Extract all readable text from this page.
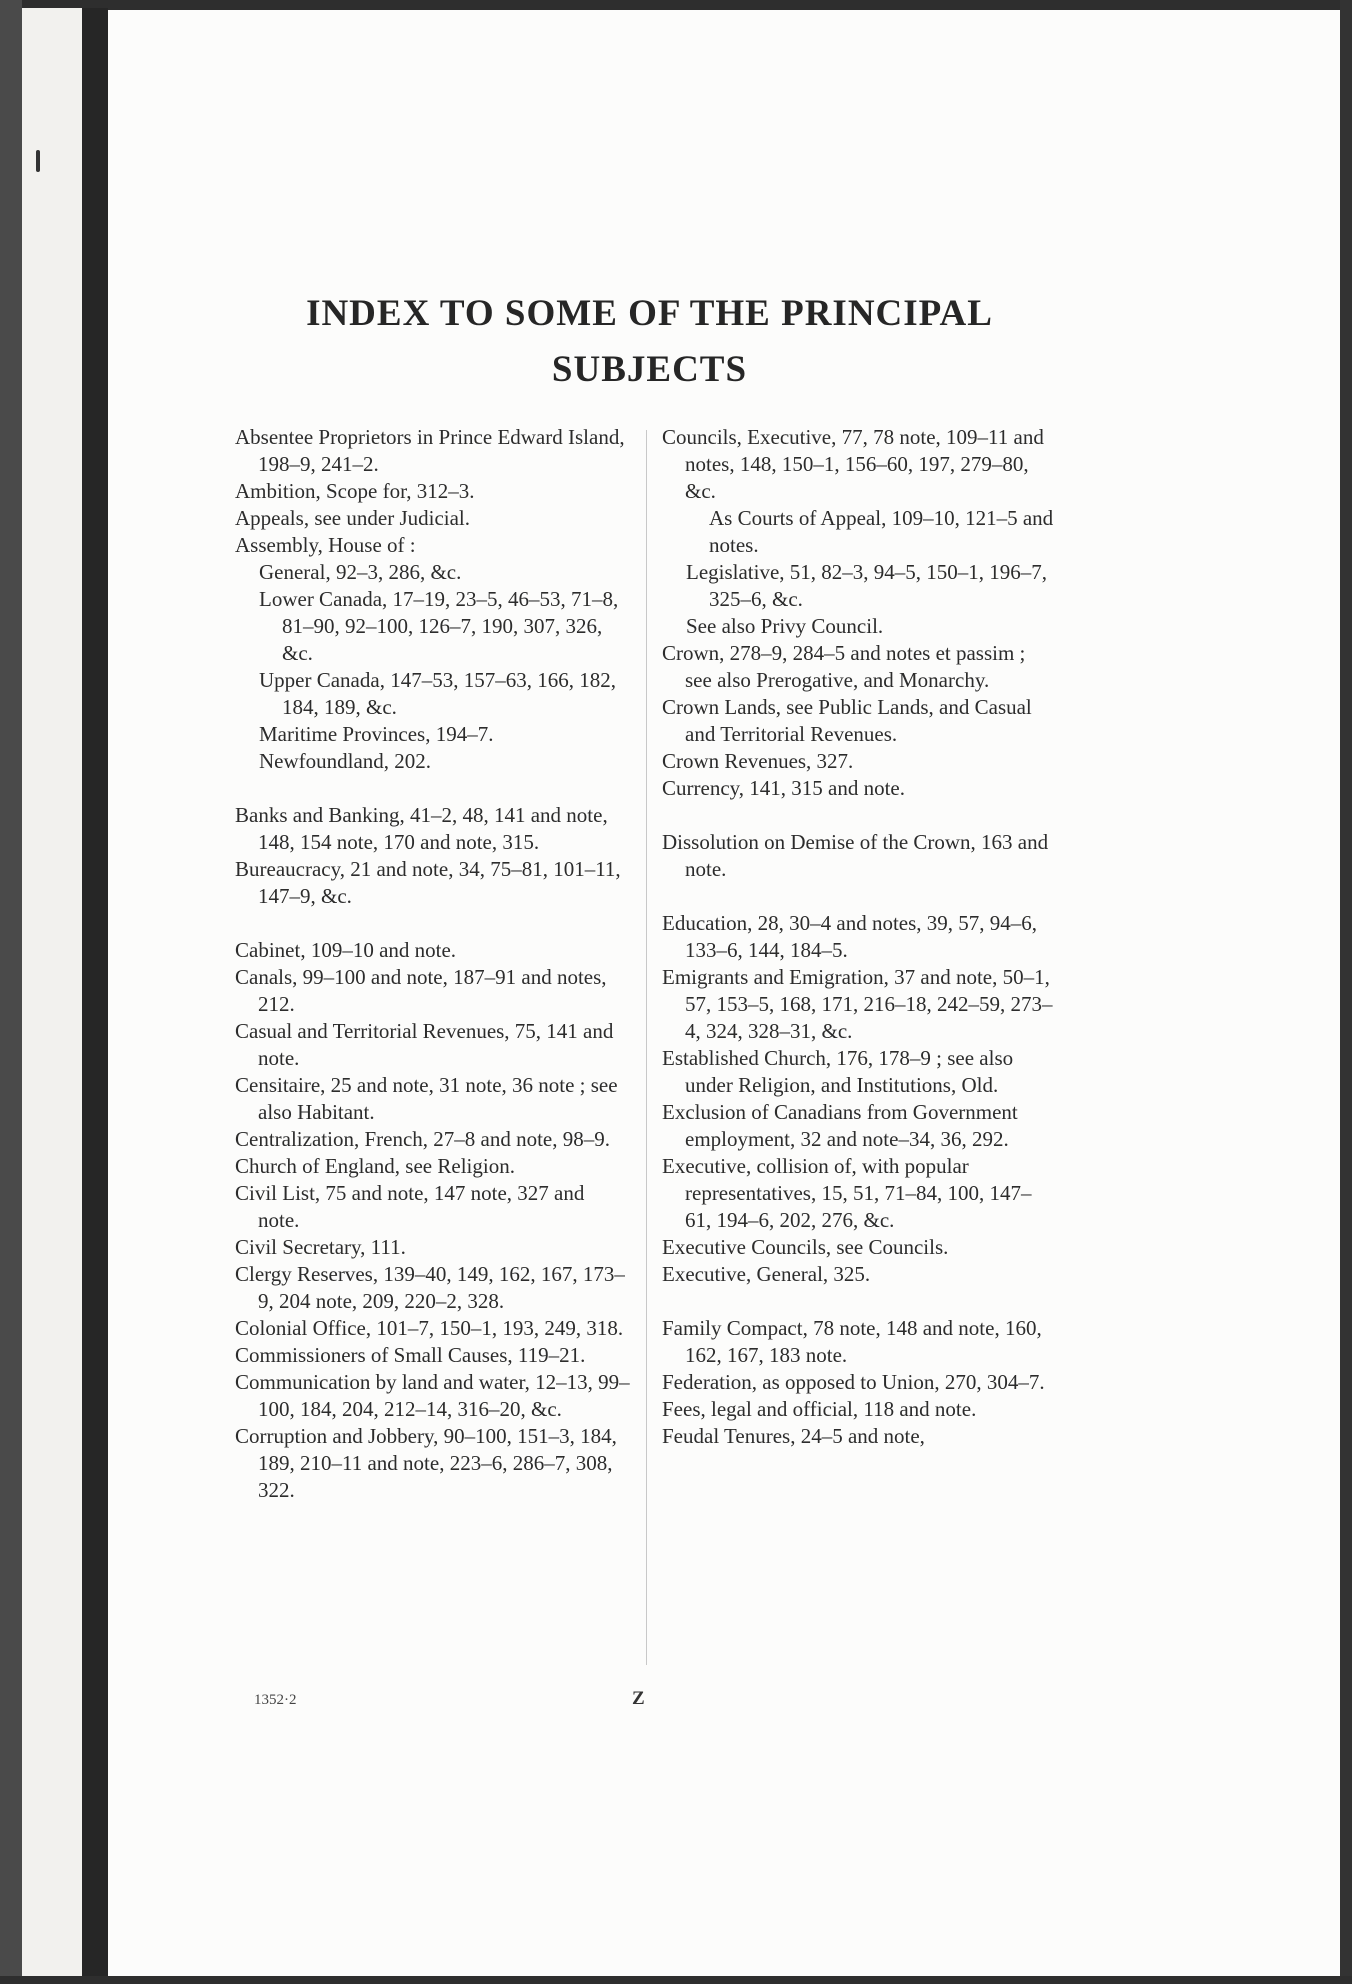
INDEX TO SOME OF THE PRINCIPAL
SUBJECTS
Absentee Proprietors in Prince Edward Island, 198–9, 241–2.
Ambition, Scope for, 312–3.
Appeals, see under Judicial.
Assembly, House of :
General, 92–3, 286, &c.
Lower Canada, 17–19, 23–5, 46–53, 71–8, 81–90, 92–100, 126–7, 190, 307, 326, &c.
Upper Canada, 147–53, 157–63, 166, 182, 184, 189, &c.
Maritime Provinces, 194–7.
Newfoundland, 202.
Banks and Banking, 41–2, 48, 141 and note, 148, 154 note, 170 and note, 315.
Bureaucracy, 21 and note, 34, 75–81, 101–11, 147–9, &c.
Cabinet, 109–10 and note.
Canals, 99–100 and note, 187–91 and notes, 212.
Casual and Territorial Revenues, 75, 141 and note.
Censitaire, 25 and note, 31 note, 36 note ; see also Habitant.
Centralization, French, 27–8 and note, 98–9.
Church of England, see Religion.
Civil List, 75 and note, 147 note, 327 and note.
Civil Secretary, 111.
Clergy Reserves, 139–40, 149, 162, 167, 173–9, 204 note, 209, 220–2, 328.
Colonial Office, 101–7, 150–1, 193, 249, 318.
Commissioners of Small Causes, 119–21.
Communication by land and water, 12–13, 99–100, 184, 204, 212–14, 316–20, &c.
Corruption and Jobbery, 90–100, 151–3, 184, 189, 210–11 and note, 223–6, 286–7, 308, 322.
Councils, Executive, 77, 78 note, 109–11 and notes, 148, 150–1, 156–60, 197, 279–80, &c.
As Courts of Appeal, 109–10, 121–5 and notes.
Legislative, 51, 82–3, 94–5, 150–1, 196–7, 325–6, &c.
See also Privy Council.
Crown, 278–9, 284–5 and notes et passim ; see also Prerogative, and Monarchy.
Crown Lands, see Public Lands, and Casual and Territorial Revenues.
Crown Revenues, 327.
Currency, 141, 315 and note.
Dissolution on Demise of the Crown, 163 and note.
Education, 28, 30–4 and notes, 39, 57, 94–6, 133–6, 144, 184–5.
Emigrants and Emigration, 37 and note, 50–1, 57, 153–5, 168, 171, 216–18, 242–59, 273–4, 324, 328–31, &c.
Established Church, 176, 178–9 ; see also under Religion, and Institutions, Old.
Exclusion of Canadians from Government employment, 32 and note–34, 36, 292.
Executive, collision of, with popular representatives, 15, 51, 71–84, 100, 147–61, 194–6, 202, 276, &c.
Executive Councils, see Councils.
Executive, General, 325.
Family Compact, 78 note, 148 and note, 160, 162, 167, 183 note.
Federation, as opposed to Union, 270, 304–7.
Fees, legal and official, 118 and note.
Feudal Tenures, 24–5 and note,
1352·2	Z
